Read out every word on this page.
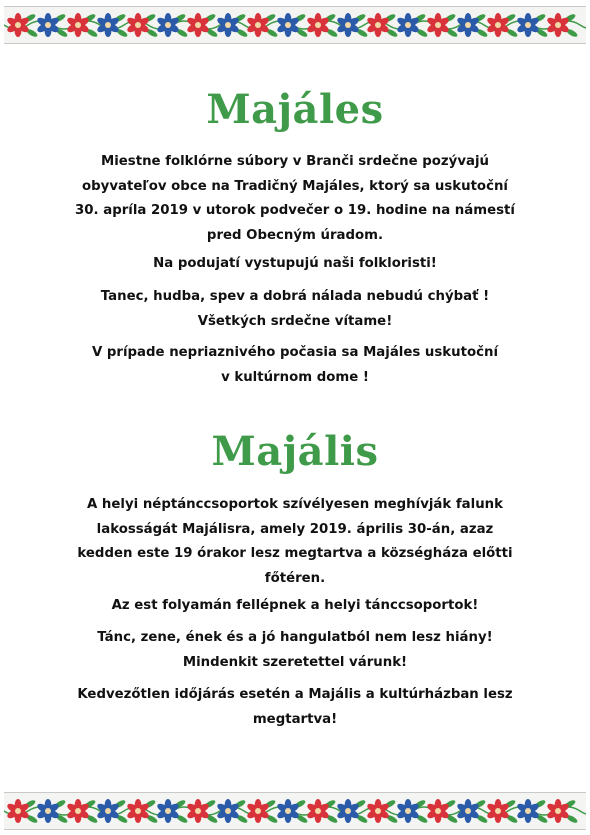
Majáles
Miestne folklórne súbory v Branči srdečne pozývajú
obyvateľov obce na Tradičný Majáles, ktorý sa uskutoční
30. apríla 2019 v utorok podvečer o 19. hodine na námestí
pred Obecným úradom.
Na podujatí vystupujú naši folkloristi!
Tanec, hudba, spev a dobrá nálada nebudú chýbať !
Všetkých srdečne vítame!
V prípade nepriaznivého počasia sa Majáles uskutoční
v kultúrnom dome !
Majális
A helyi néptánccsoportok szívélyesen meghívják falunk
lakosságát Majálisra, amely 2019. április 30-án, azaz
kedden este 19 órakor lesz megtartva a községháza előtti
főtéren.
Az est folyamán fellépnek a helyi tánccsoportok!
Tánc, zene, ének és a jó hangulatból nem lesz hiány!
Mindenkit szeretettel várunk!
Kedvezőtlen időjárás esetén a Majális a kultúrházban lesz
megtartva!
